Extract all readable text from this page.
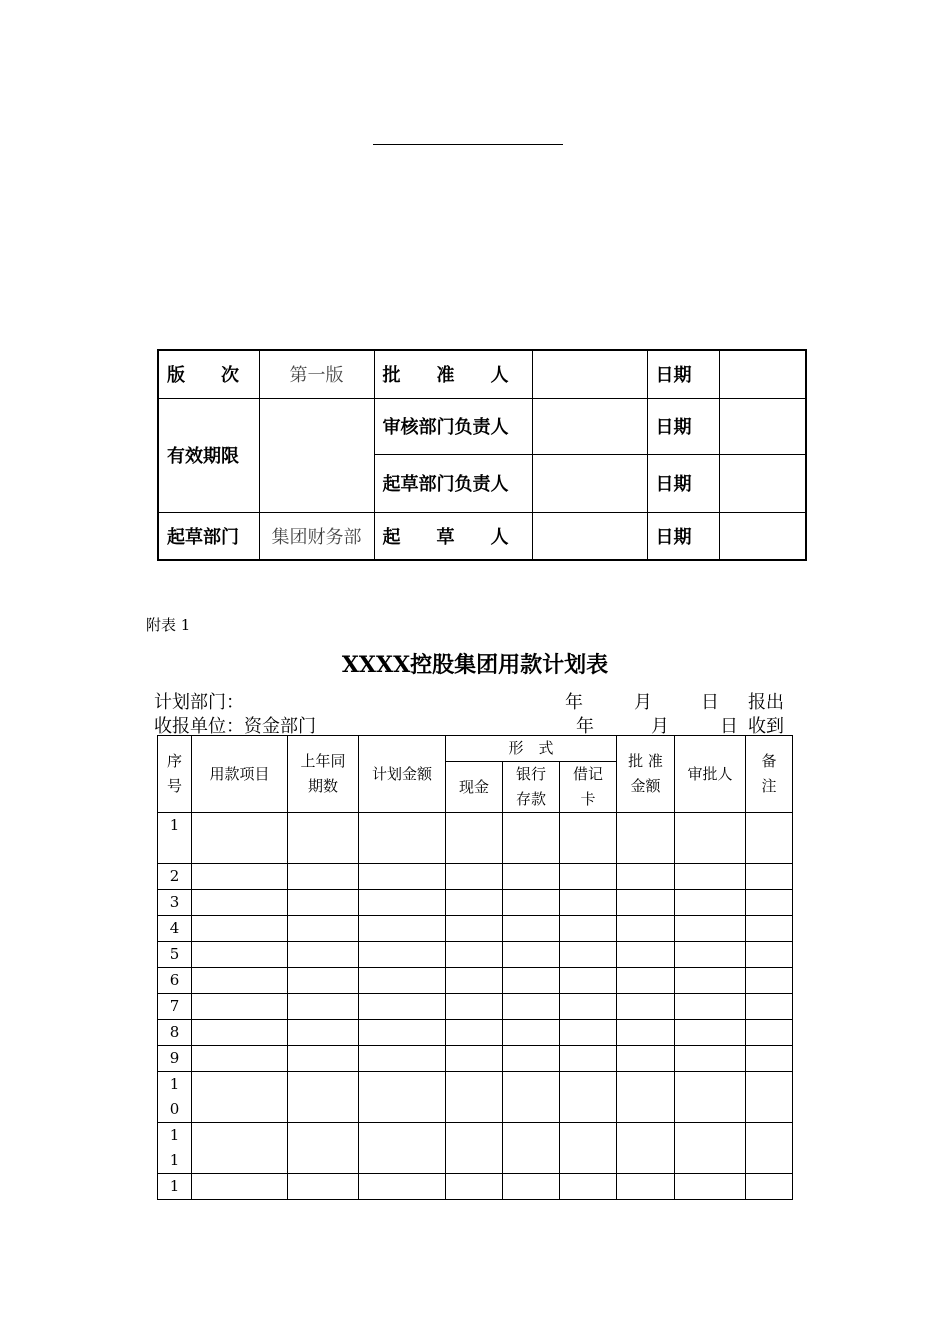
版　　次	第一版	批　　准　　人		日期	
有效期限		审核部门负责人		日期	
		起草部门负责人		日期	
起草部门	集团财务部	起　　草　　人		日期	
附表 1
XXXX控股集团用款计划表
计划部门：	年	月	日 报出
收报单位：资金部门	年	月	日 收到
序号	用款项目	上年同期数	计划金额	形　式			批 准金额	审批人	备注
				现金	银行存款	借记卡			
1									
2									
3									
4									
5									
6									
7									
8									
9									
10									
11									
1									
